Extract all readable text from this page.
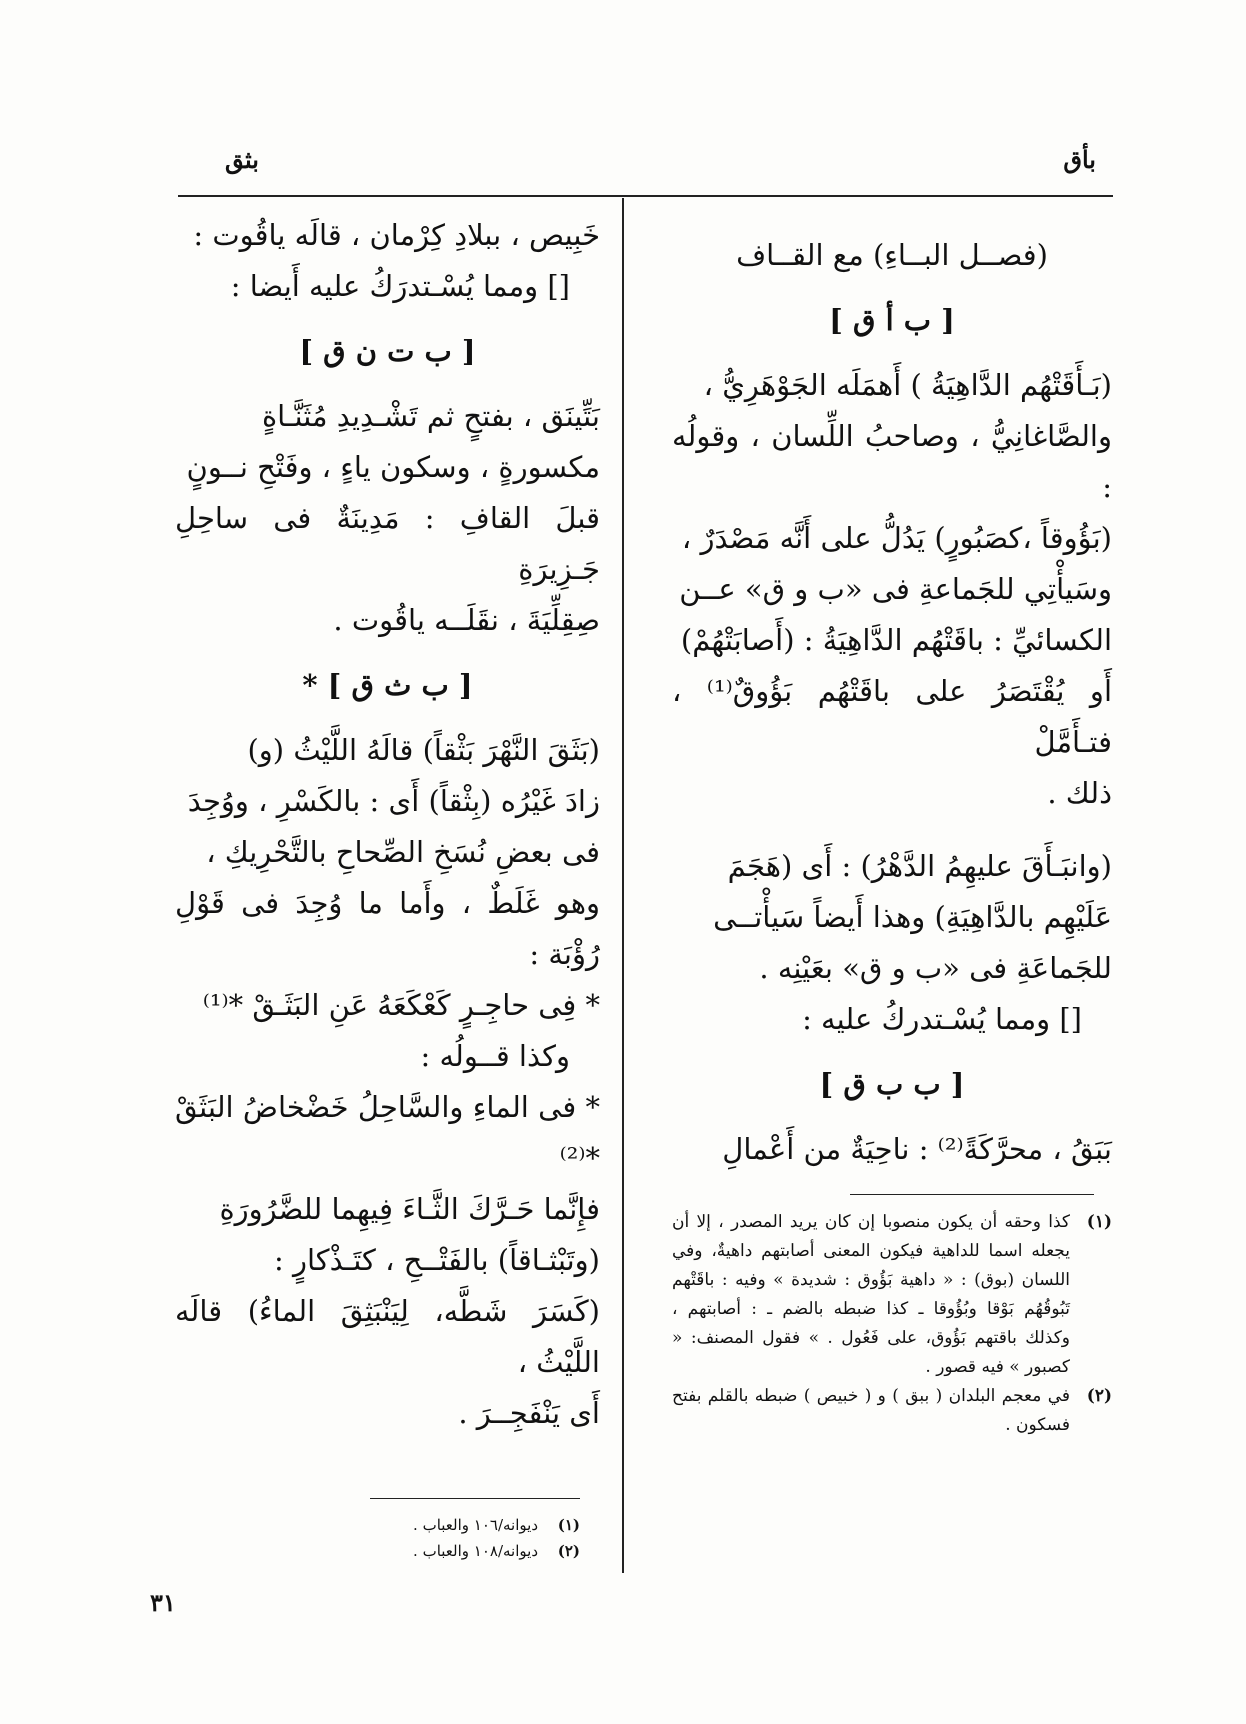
بأق
بثق

(فصــل البــاءِ) مع القــاف

[ ب أ ق ]

(بَـأَقَتْهُم الدَّاهِيَةُ ) أَهمَلَه الجَوْهَرِيُّ ،

والصَّاغانِيُّ ، وصاحبُ اللِّسان ، وقولُه :

(بَؤُوقاً ،كصَبُورٍ) يَدُلُّ على أَنَّه مَصْدَرٌ ،

وسَيأْتِي للجَماعةِ فى «ب و ق» عــن

الكسائيِّ : باقَتْهُم الدَّاهِيَةُ : (أَصابَتْهُمْ)

أَو يُقْتَصَرُ على باقَتْهُم بَؤُوقٌ⁽¹⁾ ، فتـأَمَّلْ

ذلك .

(وانبَـأَقَ عليهِمُ الدَّهْرُ) : أَى (هَجَمَ

عَلَيْهِم بالدَّاهِيَةِ) وهذا أَيضاً سَيأْتــى

للجَماعَةِ فى «ب و ق» بعَيْنِه .

[] ومما يُسْـتدركُ عليه :

[ ب ب ق ]

بَبَقُ ، محرَّكَةً⁽²⁾ : ناحِيَةٌ من أَعْمالِ

خَبِيص ، ببلادِ كِرْمان ، قالَه ياقُوت :

[] ومما يُسْـتدرَكُ عليه أَيضا :

[ ب ت ن ق ]

بَتِّينَق ، بفتحٍ ثم تَشْـدِيدِ مُثَنَّـاةٍ

مكسورةٍ ، وسكون ياءٍ ، وفَتْحِ نــونٍ

قبلَ القافِ : مَدِينَةٌ فى ساحِلِ جَـزِيرَةِ

صِقِلِّيَةَ ، نقَلَــه ياقُوت .

[ ب ث ق ] *

(بَثَقَ النَّهْرَ بَثْقاً) قالَهُ اللَّيْثُ (و)

زادَ غَيْرُه (بِثْقاً) أَى : بالكَسْرِ ، ووُجِدَ

فى بعضِ نُسَخِ الصِّحاحِ بالتَّحْرِيكِ ،

وهو غَلَطٌ ، وأَما ما وُجِدَ فى قَوْلِ رُؤْبَة :

* فِى حاجِـرٍ كَعْكَعَهُ عَنِ البَثَـقْ *⁽¹⁾

وكذا قــولُه :

* فى الماءِ والسَّاحِلُ خَضْخاضُ البَثَقْ *⁽²⁾

فإِنَّما حَـرَّكَ الثَّـاءَ فِيهِما للضَّرُورَةِ

(وتَبْثـاقاً) بالفَتْــحِ ، كتَـذْكارٍ :

(كَسَرَ شَطَّه، لِيَنْبَثِقَ الماءُ) قالَه اللَّيْثُ ،

أَى يَنْفَجِــرَ .

(١)
كذا وحقه أن يكون منصوبا إن كان يريد المصدر ، إلا أن يجعله اسما للداهية فيكون المعنى أصابتهم داهيةٌ، وفي اللسان (بوق) : « داهية بَؤُوق : شديدة » وفيه : باقَتْهم تَبُوقُهُم بَوْقا وبُؤُوقا ـ كذا ضبطه بالضم ـ : أصابتهم ، وكذلك باقتهم بَؤُوق، على فَعُول . » فقول المصنف: « كصبور » فيه قصور .
(٢)
في معجم البلدان ( ببق ) و ( خبيص ) ضبطه بالقلم بفتح فسكون .
(١)
ديوانه/١٠٦ والعباب .
(٢)
ديوانه/١٠٨ والعباب .
٣١
